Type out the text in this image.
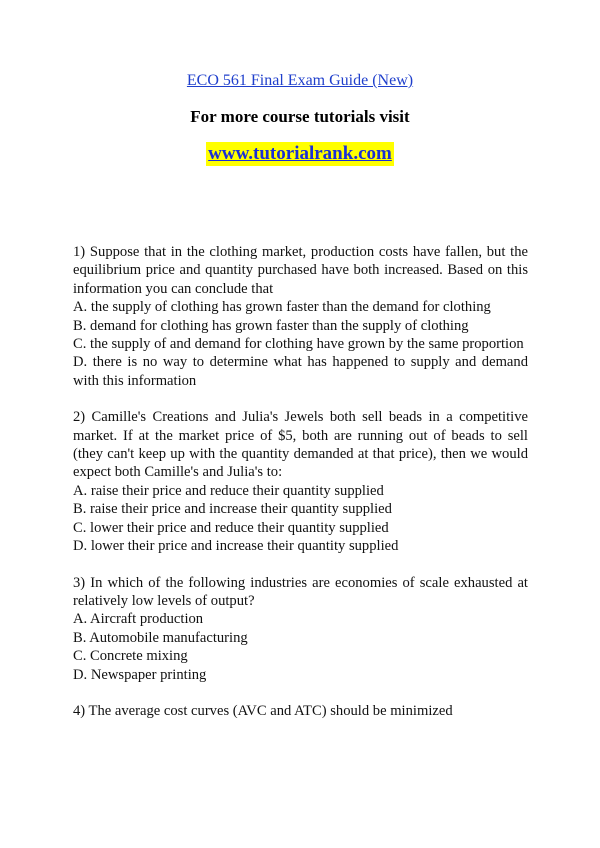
ECO 561 Final Exam Guide (New)
For more course tutorials visit
www.tutorialrank.com

1) Suppose that in the clothing market, production costs have fallen, but the equilibrium price and quantity purchased have both increased. Based on this information you can conclude that

A. the supply of clothing has grown faster than the demand for clothing

B. demand for clothing has grown faster than the supply of clothing

C. the supply of and demand for clothing have grown by the same proportion

D. there is no way to determine what has happened to supply and demand with this information

2) Camille's Creations and Julia's Jewels both sell beads in a competitive market. If at the market price of $5, both are running out of beads to sell (they can't keep up with the quantity demanded at that price), then we would expect both Camille's and Julia's to:

A. raise their price and reduce their quantity supplied

B. raise their price and increase their quantity supplied

C. lower their price and reduce their quantity supplied

D. lower their price and increase their quantity supplied

3) In which of the following industries are economies of scale exhausted at relatively low levels of output?

A. Aircraft production

B. Automobile manufacturing

C. Concrete mixing

D. Newspaper printing

4) The average cost curves (AVC and ATC) should be minimized
